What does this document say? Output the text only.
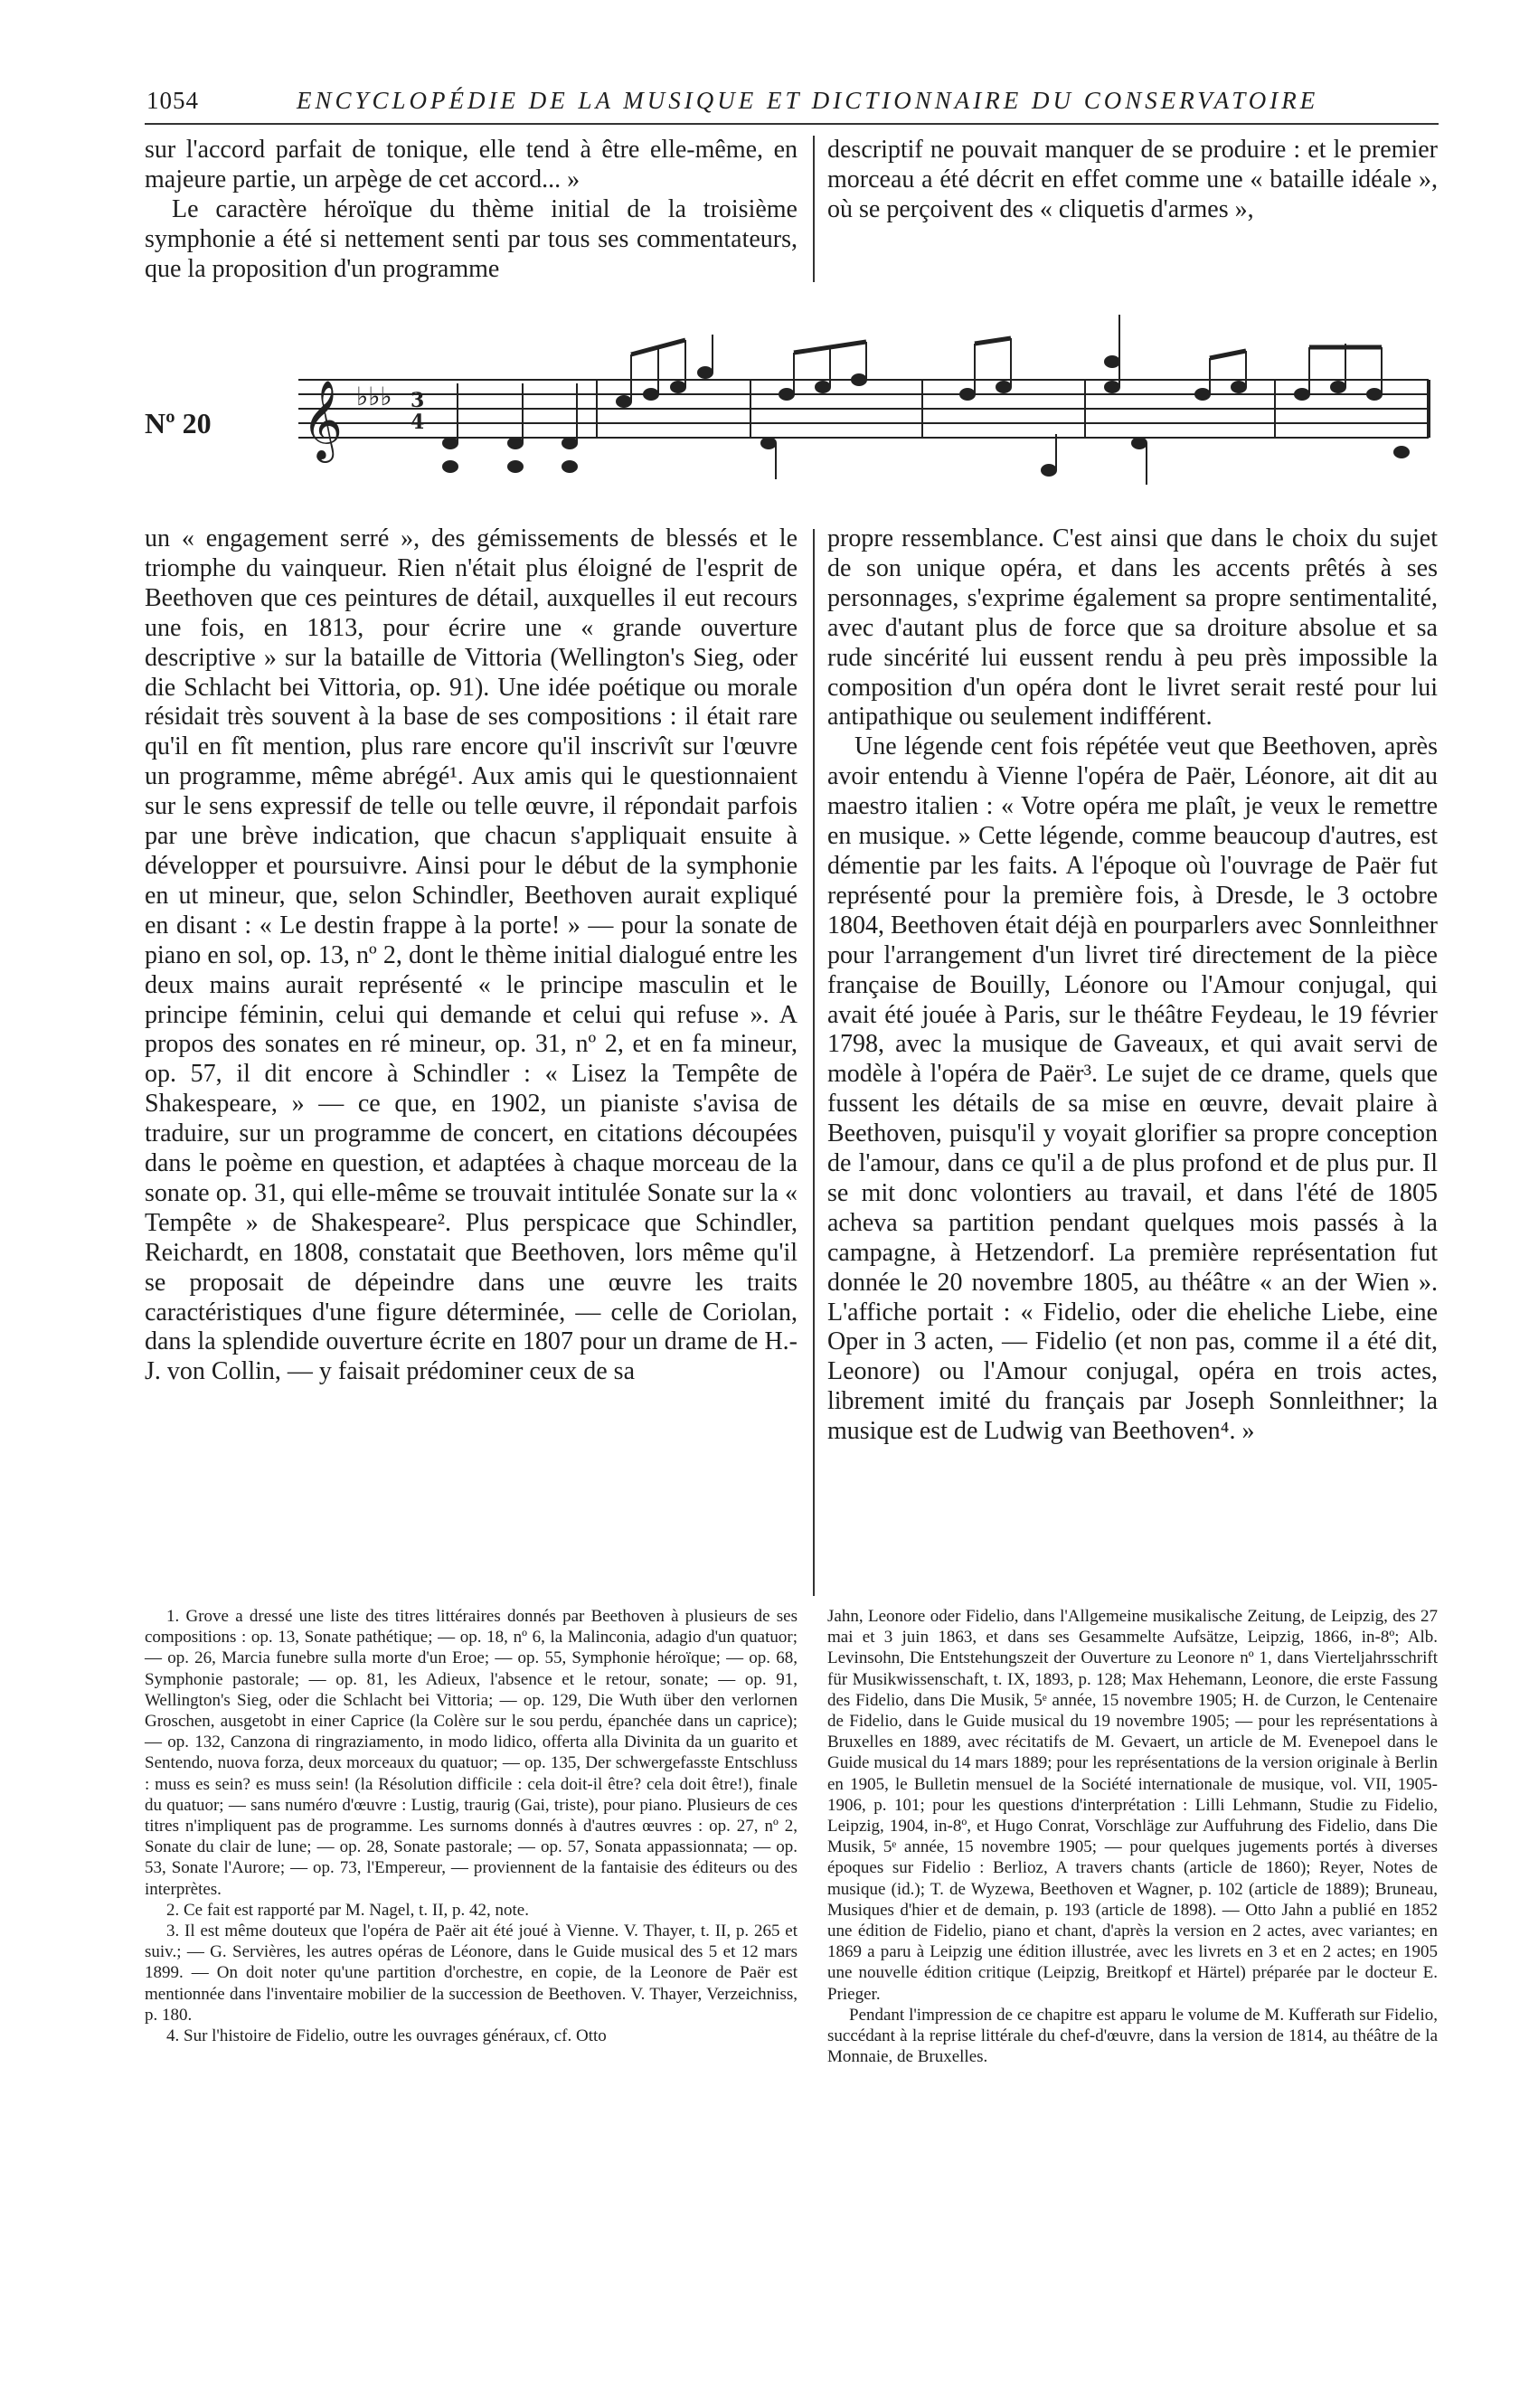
1054	ENCYCLOPÉDIE DE LA MUSIQUE ET DICTIONNAIRE DU CONSERVATOIRE

sur l'accord parfait de tonique, elle tend à être elle-même, en majeure partie, un arpège de cet accord... »

Le caractère héroïque du thème initial de la troisième symphonie a été si nettement senti par tous ses commentateurs, que la proposition d'un programme

descriptif ne pouvait manquer de se produire : et le premier morceau a été décrit en effet comme une « bataille idéale », où se perçoivent des « cliquetis d'armes »,

Nº 20 𝄞 ♭♭♭ 3
4

un « engagement serré », des gémissements de blessés et le triomphe du vainqueur. Rien n'était plus éloigné de l'esprit de Beethoven que ces peintures de détail, auxquelles il eut recours une fois, en 1813, pour écrire une « grande ouverture descriptive » sur la bataille de Vittoria (Wellington's Sieg, oder die Schlacht bei Vittoria, op. 91). Une idée poétique ou morale résidait très souvent à la base de ses compositions : il était rare qu'il en fît mention, plus rare encore qu'il inscrivît sur l'œuvre un programme, même abrégé¹. Aux amis qui le questionnaient sur le sens expressif de telle ou telle œuvre, il répondait parfois par une brève indication, que chacun s'appliquait ensuite à développer et poursuivre. Ainsi pour le début de la symphonie en ut mineur, que, selon Schindler, Beethoven aurait expliqué en disant : « Le destin frappe à la porte! » — pour la sonate de piano en sol, op. 13, nº 2, dont le thème initial dialogué entre les deux mains aurait représenté « le principe masculin et le principe féminin, celui qui demande et celui qui refuse ». A propos des sonates en ré mineur, op. 31, nº 2, et en fa mineur, op. 57, il dit encore à Schindler : « Lisez la Tempête de Shakespeare, » — ce que, en 1902, un pianiste s'avisa de traduire, sur un programme de concert, en citations découpées dans le poème en question, et adaptées à chaque morceau de la sonate op. 31, qui elle-même se trouvait intitulée Sonate sur la « Tempête » de Shakespeare². Plus perspicace que Schindler, Reichardt, en 1808, constatait que Beethoven, lors même qu'il se proposait de dépeindre dans une œuvre les traits caractéristiques d'une figure déterminée, — celle de Coriolan, dans la splendide ouverture écrite en 1807 pour un drame de H.-J. von Collin, — y faisait prédominer ceux de sa

propre ressemblance. C'est ainsi que dans le choix du sujet de son unique opéra, et dans les accents prêtés à ses personnages, s'exprime également sa propre sentimentalité, avec d'autant plus de force que sa droiture absolue et sa rude sincérité lui eussent rendu à peu près impossible la composition d'un opéra dont le livret serait resté pour lui antipathique ou seulement indifférent.

Une légende cent fois répétée veut que Beethoven, après avoir entendu à Vienne l'opéra de Paër, Léonore, ait dit au maestro italien : « Votre opéra me plaît, je veux le remettre en musique. » Cette légende, comme beaucoup d'autres, est démentie par les faits. A l'époque où l'ouvrage de Paër fut représenté pour la première fois, à Dresde, le 3 octobre 1804, Beethoven était déjà en pourparlers avec Sonnleithner pour l'arrangement d'un livret tiré directement de la pièce française de Bouilly, Léonore ou l'Amour conjugal, qui avait été jouée à Paris, sur le théâtre Feydeau, le 19 février 1798, avec la musique de Gaveaux, et qui avait servi de modèle à l'opéra de Paër³. Le sujet de ce drame, quels que fussent les détails de sa mise en œuvre, devait plaire à Beethoven, puisqu'il y voyait glorifier sa propre conception de l'amour, dans ce qu'il a de plus profond et de plus pur. Il se mit donc volontiers au travail, et dans l'été de 1805 acheva sa partition pendant quelques mois passés à la campagne, à Hetzendorf. La première représentation fut donnée le 20 novembre 1805, au théâtre « an der Wien ». L'affiche portait : « Fidelio, oder die eheliche Liebe, eine Oper in 3 acten, — Fidelio (et non pas, comme il a été dit, Leonore) ou l'Amour conjugal, opéra en trois actes, librement imité du français par Joseph Sonnleithner; la musique est de Ludwig van Beethoven⁴. »

1. Grove a dressé une liste des titres littéraires donnés par Beethoven à plusieurs de ses compositions : op. 13, Sonate pathétique; — op. 18, nº 6, la Malinconia, adagio d'un quatuor; — op. 26, Marcia funebre sulla morte d'un Eroe; — op. 55, Symphonie héroïque; — op. 68, Symphonie pastorale; — op. 81, les Adieux, l'absence et le retour, sonate; — op. 91, Wellington's Sieg, oder die Schlacht bei Vittoria; — op. 129, Die Wuth über den verlornen Groschen, ausgetobt in einer Caprice (la Colère sur le sou perdu, épanchée dans un caprice); — op. 132, Canzona di ringraziamento, in modo lidico, offerta alla Divinita da un guarito et Sentendo, nuova forza, deux morceaux du quatuor; — op. 135, Der schwergefasste Entschluss : muss es sein? es muss sein! (la Résolution difficile : cela doit-il être? cela doit être!), finale du quatuor; — sans numéro d'œuvre : Lustig, traurig (Gai, triste), pour piano. Plusieurs de ces titres n'impliquent pas de programme. Les surnoms donnés à d'autres œuvres : op. 27, nº 2, Sonate du clair de lune; — op. 28, Sonate pastorale; — op. 57, Sonata appassionnata; — op. 53, Sonate l'Aurore; — op. 73, l'Empereur, — proviennent de la fantaisie des éditeurs ou des interprètes.

2. Ce fait est rapporté par M. Nagel, t. II, p. 42, note.

3. Il est même douteux que l'opéra de Paër ait été joué à Vienne. V. Thayer, t. II, p. 265 et suiv.; — G. Servières, les autres opéras de Léonore, dans le Guide musical des 5 et 12 mars 1899. — On doit noter qu'une partition d'orchestre, en copie, de la Leonore de Paër est mentionnée dans l'inventaire mobilier de la succession de Beethoven. V. Thayer, Verzeichniss, p. 180.

4. Sur l'histoire de Fidelio, outre les ouvrages généraux, cf. Otto

Jahn, Leonore oder Fidelio, dans l'Allgemeine musikalische Zeitung, de Leipzig, des 27 mai et 3 juin 1863, et dans ses Gesammelte Aufsätze, Leipzig, 1866, in-8º; Alb. Levinsohn, Die Entstehungszeit der Ouverture zu Leonore nº 1, dans Vierteljahrsschrift für Musikwissenschaft, t. IX, 1893, p. 128; Max Hehemann, Leonore, die erste Fassung des Fidelio, dans Die Musik, 5ᵉ année, 15 novembre 1905; H. de Curzon, le Centenaire de Fidelio, dans le Guide musical du 19 novembre 1905; — pour les représentations à Bruxelles en 1889, avec récitatifs de M. Gevaert, un article de M. Evenepoel dans le Guide musical du 14 mars 1889; pour les représentations de la version originale à Berlin en 1905, le Bulletin mensuel de la Société internationale de musique, vol. VII, 1905-1906, p. 101; pour les questions d'interprétation : Lilli Lehmann, Studie zu Fidelio, Leipzig, 1904, in-8º, et Hugo Conrat, Vorschläge zur Auffuhrung des Fidelio, dans Die Musik, 5ᵉ année, 15 novembre 1905; — pour quelques jugements portés à diverses époques sur Fidelio : Berlioz, A travers chants (article de 1860); Reyer, Notes de musique (id.); T. de Wyzewa, Beethoven et Wagner, p. 102 (article de 1889); Bruneau, Musiques d'hier et de demain, p. 193 (article de 1898). — Otto Jahn a publié en 1852 une édition de Fidelio, piano et chant, d'après la version en 2 actes, avec variantes; en 1869 a paru à Leipzig une édition illustrée, avec les livrets en 3 et en 2 actes; en 1905 une nouvelle édition critique (Leipzig, Breitkopf et Härtel) préparée par le docteur E. Prieger.

Pendant l'impression de ce chapitre est apparu le volume de M. Kufferath sur Fidelio, succédant à la reprise littérale du chef-d'œuvre, dans la version de 1814, au théâtre de la Monnaie, de Bruxelles.
